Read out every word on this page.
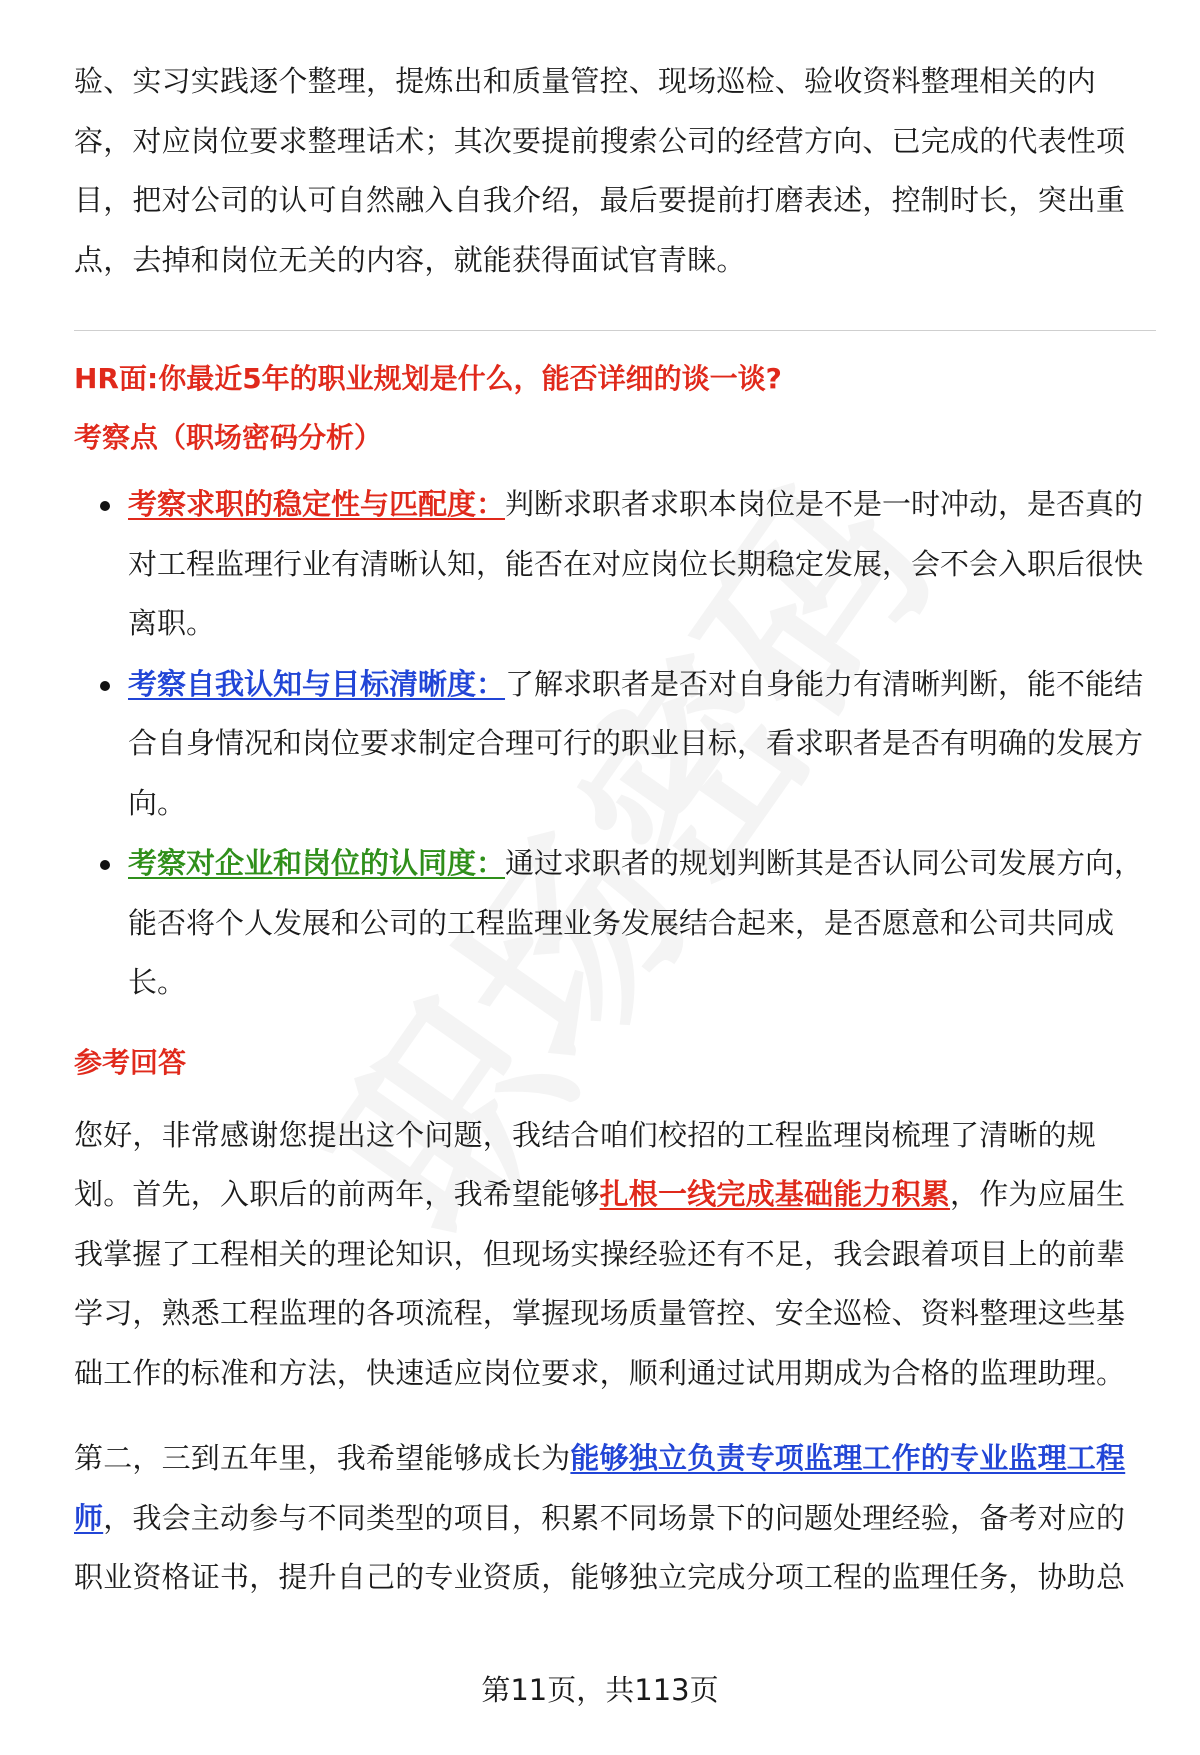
验、实习实践逐个整理，提炼出和质量管控、现场巡检、验收资料整理相关的内容，对应岗位要求整理话术；其次要提前搜索公司的经营方向、已完成的代表性项目，把对公司的认可自然融入自我介绍，最后要提前打磨表述，控制时长，突出重点，去掉和岗位无关的内容，就能获得面试官青睐。

HR面:你最近5年的职业规划是什么，能否详细的谈一谈?

考察点（职场密码分析）

考察求职的稳定性与匹配度：判断求职者求职本岗位是不是一时冲动，是否真的对工程监理行业有清晰认知，能否在对应岗位长期稳定发展，会不会入职后很快离职。
考察自我认知与目标清晰度：了解求职者是否对自身能力有清晰判断，能不能结合自身情况和岗位要求制定合理可行的职业目标，看求职者是否有明确的发展方向。
考察对企业和岗位的认同度：通过求职者的规划判断其是否认同公司发展方向，能否将个人发展和公司的工程监理业务发展结合起来，是否愿意和公司共同成长。

参考回答

您好，非常感谢您提出这个问题，我结合咱们校招的工程监理岗梳理了清晰的规划。首先，入职后的前两年，我希望能够扎根一线完成基础能力积累，作为应届生我掌握了工程相关的理论知识，但现场实操经验还有不足，我会跟着项目上的前辈学习，熟悉工程监理的各项流程，掌握现场质量管控、安全巡检、资料整理这些基础工作的标准和方法，快速适应岗位要求，顺利通过试用期成为合格的监理助理。

第二，三到五年里，我希望能够成长为能够独立负责专项监理工作的专业监理工程师，我会主动参与不同类型的项目，积累不同场景下的问题处理经验，备考对应的职业资格证书，提升自己的专业资质，能够独立完成分项工程的监理任务，协助总

第11页，共113页
